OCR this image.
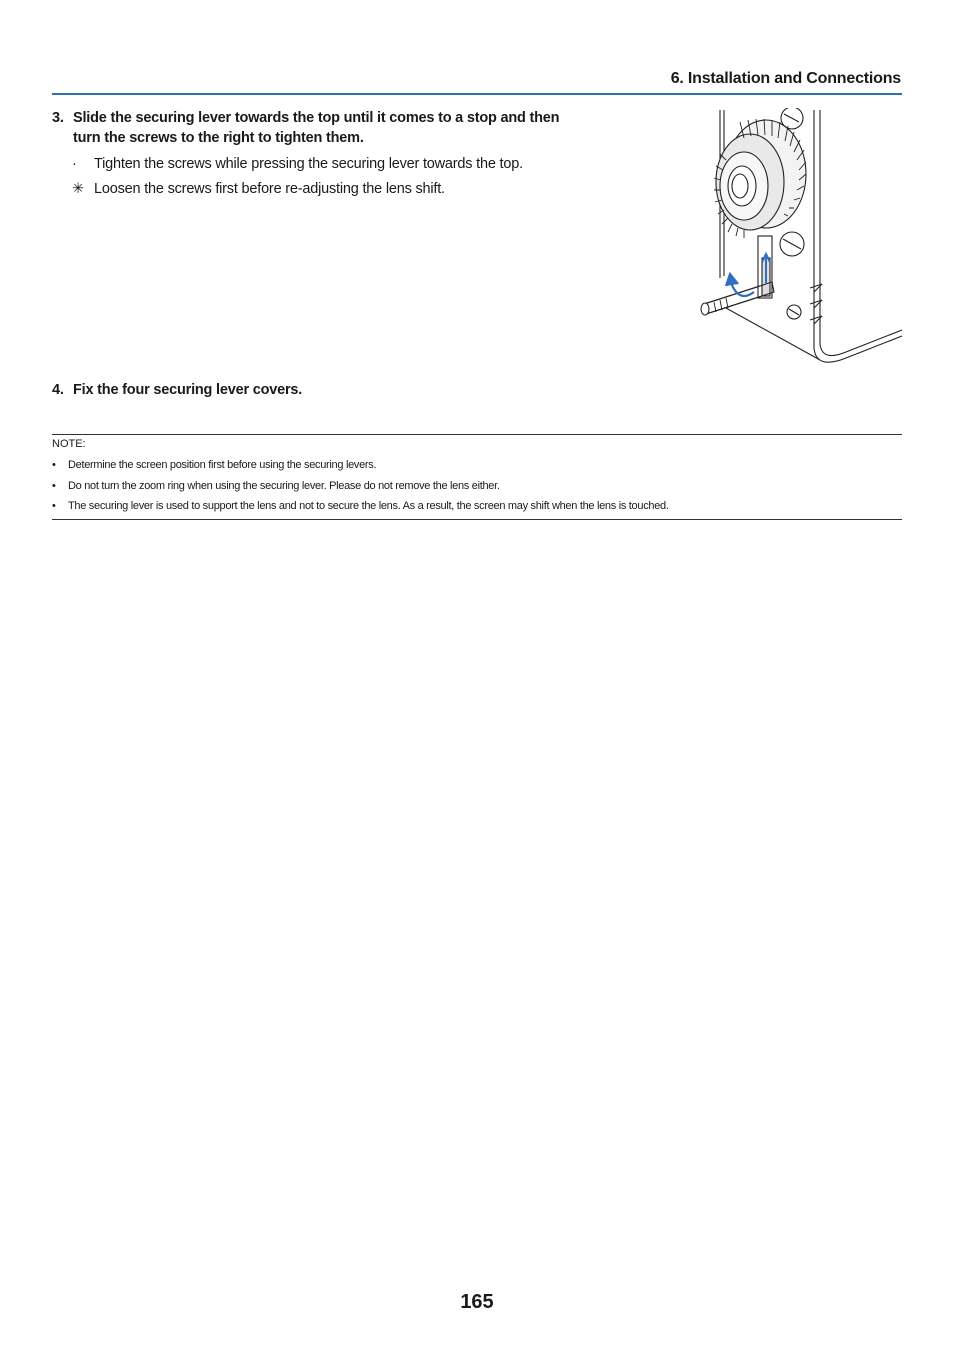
6. Installation and Connections
3. Slide the securing lever towards the top until it comes to a stop and then
turn the screws to the right to tighten them.
·	Tighten the screws while pressing the securing lever towards the top.
✳ Loosen the screws first before re-adjusting the lens shift.
4. Fix the four securing lever covers.
NOTE:
• Determine the screen position first before using the securing levers.
• Do not turn the zoom ring when using the securing lever. Please do not remove the lens either.
• The securing lever is used to support the lens and not to secure the lens. As a result, the screen may shift when the lens is touched.
165
